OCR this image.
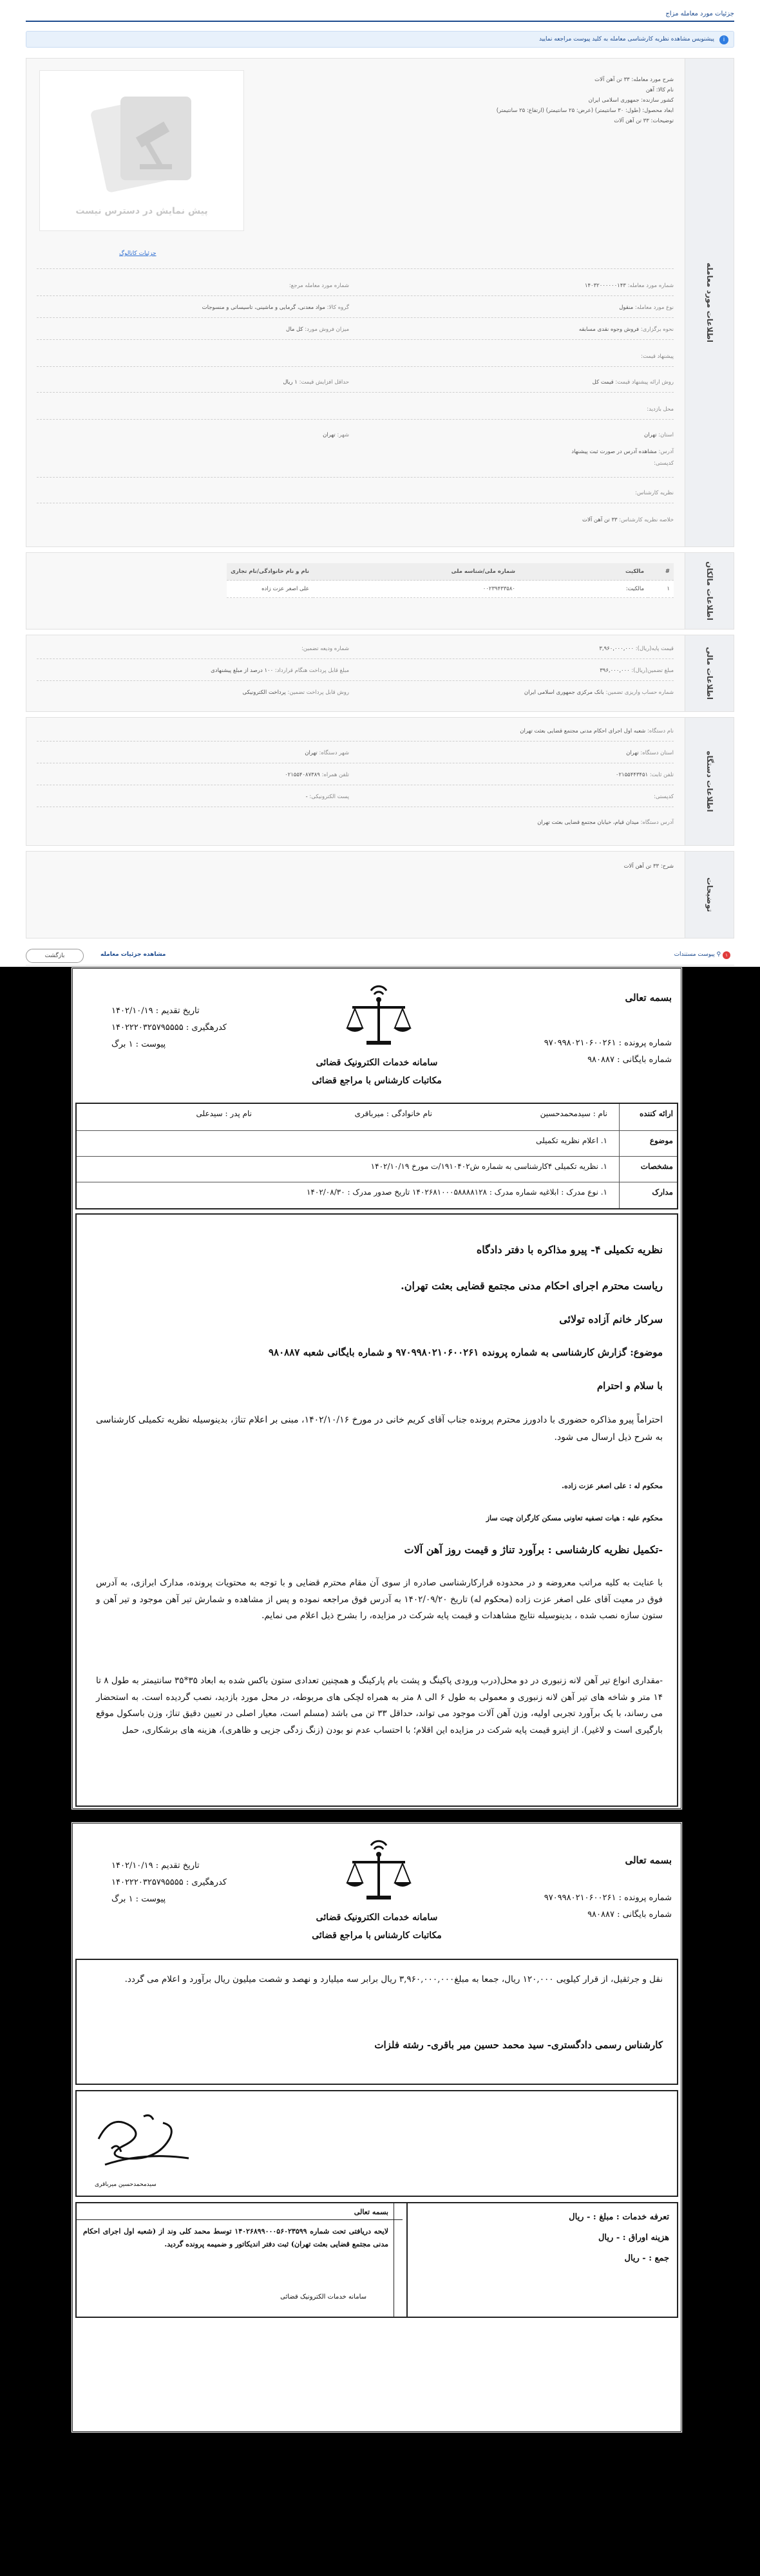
جزئیات مورد معامله مزاج
i
پیشنویس مشاهده نظریه کارشناسی معامله به کلید پیوست مراجعه نمایید
اطلاعات مورد معامله
شرح مورد معامله: ۳۳ تن آهن آلات
نام کالا: آهن
کشور سازنده: جمهوری اسلامی ایران
ابعاد محصول: (طول: ۳۰ سانتیمتر) (عرض: ۲۵ سانتیمتر) (ارتفاع: ۲۵ سانتیمتر)
توضیحات: ۳۳ تن آهن آلات
پیش نمایش در دسترس نیست
جزئیات کاتالوگ
شماره مورد معامله: ۱۴۰۳۲۰۰۰۰۰۰۱۴۳
شماره مورد معامله مرجع:
نوع مورد معامله: منقول
گروه کالا: مواد معدنی، گرمایی و ماشینی، تاسیساتی و منسوجات
نحوه برگزاری: فروش وجوه نقدی مسابقه
میزان فروش مورد: کل مال
پیشنهاد قیمت:
روش ارائه پیشنهاد قیمت: قیمت کل
حداقل افزایش قیمت: ۱ ریال
محل بازدید:
استان: تهران
شهر: تهران
آدرس: مشاهده آدرس در صورت ثبت پیشنهاد
کدپستی:
نظریه کارشناس:
خلاصه نظریه کارشناس: ۳۳ تن آهن آلات
اطلاعات مالکان
#	مالکیت	شماره ملی/شناسه ملی	نام و نام خانوادگی/نام تجاری
۱	مالکیت:	۰۰۲۳۹۴۳۳۵۸۰	علی اصغر عزت زاده
اطلاعات مالی
قیمت پایه(ریال): ۳,۹۶۰,۰۰۰,۰۰۰
شماره ودیعه تضمین:
مبلغ تضمین(ریال): ۳۹۶,۰۰۰,۰۰۰
مبلغ قابل پرداخت هنگام قرارداد: ۱۰۰ درصد از مبلغ پیشنهادی
شماره حساب واریزی تضمین: بانک مرکزی جمهوری اسلامی ایران
روش قابل پرداخت تضمین: پرداخت الکترونیکی
اطلاعات دستگاه
نام دستگاه: شعبه اول اجرای احکام مدنی مجتمع قضایی بعثت تهران
استان دستگاه: تهران
شهر دستگاه: تهران
تلفن ثابت: ۰۲۱۵۵۴۴۳۴۵۱
تلفن همراه: ۰۲۱۵۵۴۰۸۷۳۸۹
کدپستی:
پست الکترونیکی: -
آدرس دستگاه: میدان قیام، خیابان مجتمع قضایی بعثت تهران
توضیحات
شرح: ۳۳ تن آهن آلات
بازگشت	مشاهده جزئیات معامله	۱ ⚲ پیوست مستندات
بسمه تعالی
شماره پرونده : ۹۷۰۹۹۸۰۲۱۰۶۰۰۲۶۱
شماره بایگانی : ۹۸۰۸۸۷
تاریخ تقدیم : ۱۴۰۲/۱۰/۱۹
کدرهگیری : ۱۴۰۲۲۲۰۳۲۵۷۹۵۵۵۵
پیوست : ۱ برگ
سامانه خدمات الکترونیک قضائی
مکاتبات کارشناس با مراجع قضائی
ارائه کننده
نام : سیدمحمدحسین
نام خانوادگی : میرباقری
نام پدر : سیدعلی
موضوع
۱. اعلام نظریه تکمیلی
مشخصات
۱. نظریه تکمیلی ۴کارشناسی به شماره ش۱۹۱۰۴۰۲/ت مورخ ۱۴۰۲/۱۰/۱۹
مدارک
۱. نوع مدرک : ابلاغیه شماره مدرک : ۱۴۰۲۶۸۱۰۰۰۵۸۸۸۸۱۲۸ تاریخ صدور مدرک : ۱۴۰۲/۰۸/۳۰
نظریه تکمیلی ۴- پیرو مذاکره با دفتر دادگاه
ریاست محترم اجرای احکام مدنی مجتمع قضایی بعثت تهران.
سرکار خانم آزاده تولائی
موضوع: گزارش کارشناسی به شماره پرونده ۹۷۰۹۹۸۰۲۱۰۶۰۰۲۶۱ و شماره بایگانی شعبه ۹۸۰۸۸۷
با سلام و احترام
احتراماً پیرو مذاکره حضوری با دادورز محترم پرونده جناب آقای کریم خانی در مورخ ۱۴۰۲/۱۰/۱۶، مبنی بر اعلام تناژ، بدینوسیله نظریه تکمیلی کارشناسی به شرح ذیل ارسال می شود.
محکوم له : علی اصغر عزت زاده.
محکوم علیه : هیات تصفیه تعاونی مسکن کارگران چیت ساز
-تکمیل نظریه کارشناسی : برآورد تناژ و قیمت روز آهن آلات
با عنایت به کلیه مراتب معروضه و در محدوده قرارکارشناسی صادره از سوی آن مقام محترم قضایی و با توجه به محتویات پرونده، مدارک ابرازی، به آدرس فوق در معیت آقای علی اصغر عزت زاده (محکوم له) تاریخ ۱۴۰۲/۰۹/۲۰ به آدرس فوق مراجعه نموده و پس از مشاهده و شمارش تیر آهن موجود و تیر آهن و ستون سازه نصب شده ، بدینوسیله نتایج مشاهدات و قیمت پایه شرکت در مزایده، را بشرح ذیل اعلام می نمایم.
-مقداری انواع تیر آهن لانه زنبوری در دو محل(درب ورودی پاکینگ و پشت بام پارکینگ و همچنین تعدادی ستون باکس شده به ابعاد ۳۵*۳۵ سانتیمتر به طول ۸ تا ۱۴ متر و شاخه های تیر آهن لانه زنبوری و معمولی به طول ۶ الی ۸ متر به همراه لچکی های مربوطه، در محل مورد بازدید، نصب گردیده است. به استحضار می رساند، با یک برآورد تجربی اولیه، وزن آهن آلات موجود می تواند، حداقل ۳۳ تن می باشد (مسلم است، معیار اصلی در تعیین دقیق تناژ، وزن باسکول موقع بارگیری است و لاغیر). از اینرو قیمت پایه شرکت در مزایده این اقلام؛ با احتساب عدم نو بودن (زنگ زدگی جزیی و ظاهری)، هزینه های برشکاری، حمل
بسمه تعالی
شماره پرونده : ۹۷۰۹۹۸۰۲۱۰۶۰۰۲۶۱
شماره بایگانی : ۹۸۰۸۸۷
تاریخ تقدیم : ۱۴۰۲/۱۰/۱۹
کدرهگیری : ۱۴۰۲۲۲۰۳۲۵۷۹۵۵۵۵
پیوست : ۱ برگ
سامانه خدمات الکترونیک قضائی
مکاتبات کارشناس با مراجع قضائی
نقل و جرثقیل، از قرار کیلویی ۱۲۰,۰۰۰ ریال، جمعا به مبلغ۳,۹۶۰,۰۰۰,۰۰۰ ریال برابر سه میلیارد و نهصد و شصت میلیون ریال برآورد و اعلام می گردد.
کارشناس رسمی دادگستری- سید محمد حسین میر باقری- رشته فلزات
سیدمحمدحسین میرباقری
تعرفه خدمات : مبلغ : - ریال
هزینه اوراق : - ریال
جمع : - ریال
بسمه تعالی
لایحه دریافتی تحت شماره ۱۴۰۲۶۸۹۹۰۰۰۵۶۰۲۳۵۹۹ توسط محمد کلی وند از (شعبه اول اجرای احکام مدنی مجتمع قضایی بعثت تهران) ثبت دفتر اندیکاتور و ضمیمه پرونده گردید.
سامانه خدمات الکترونیک قضائی
